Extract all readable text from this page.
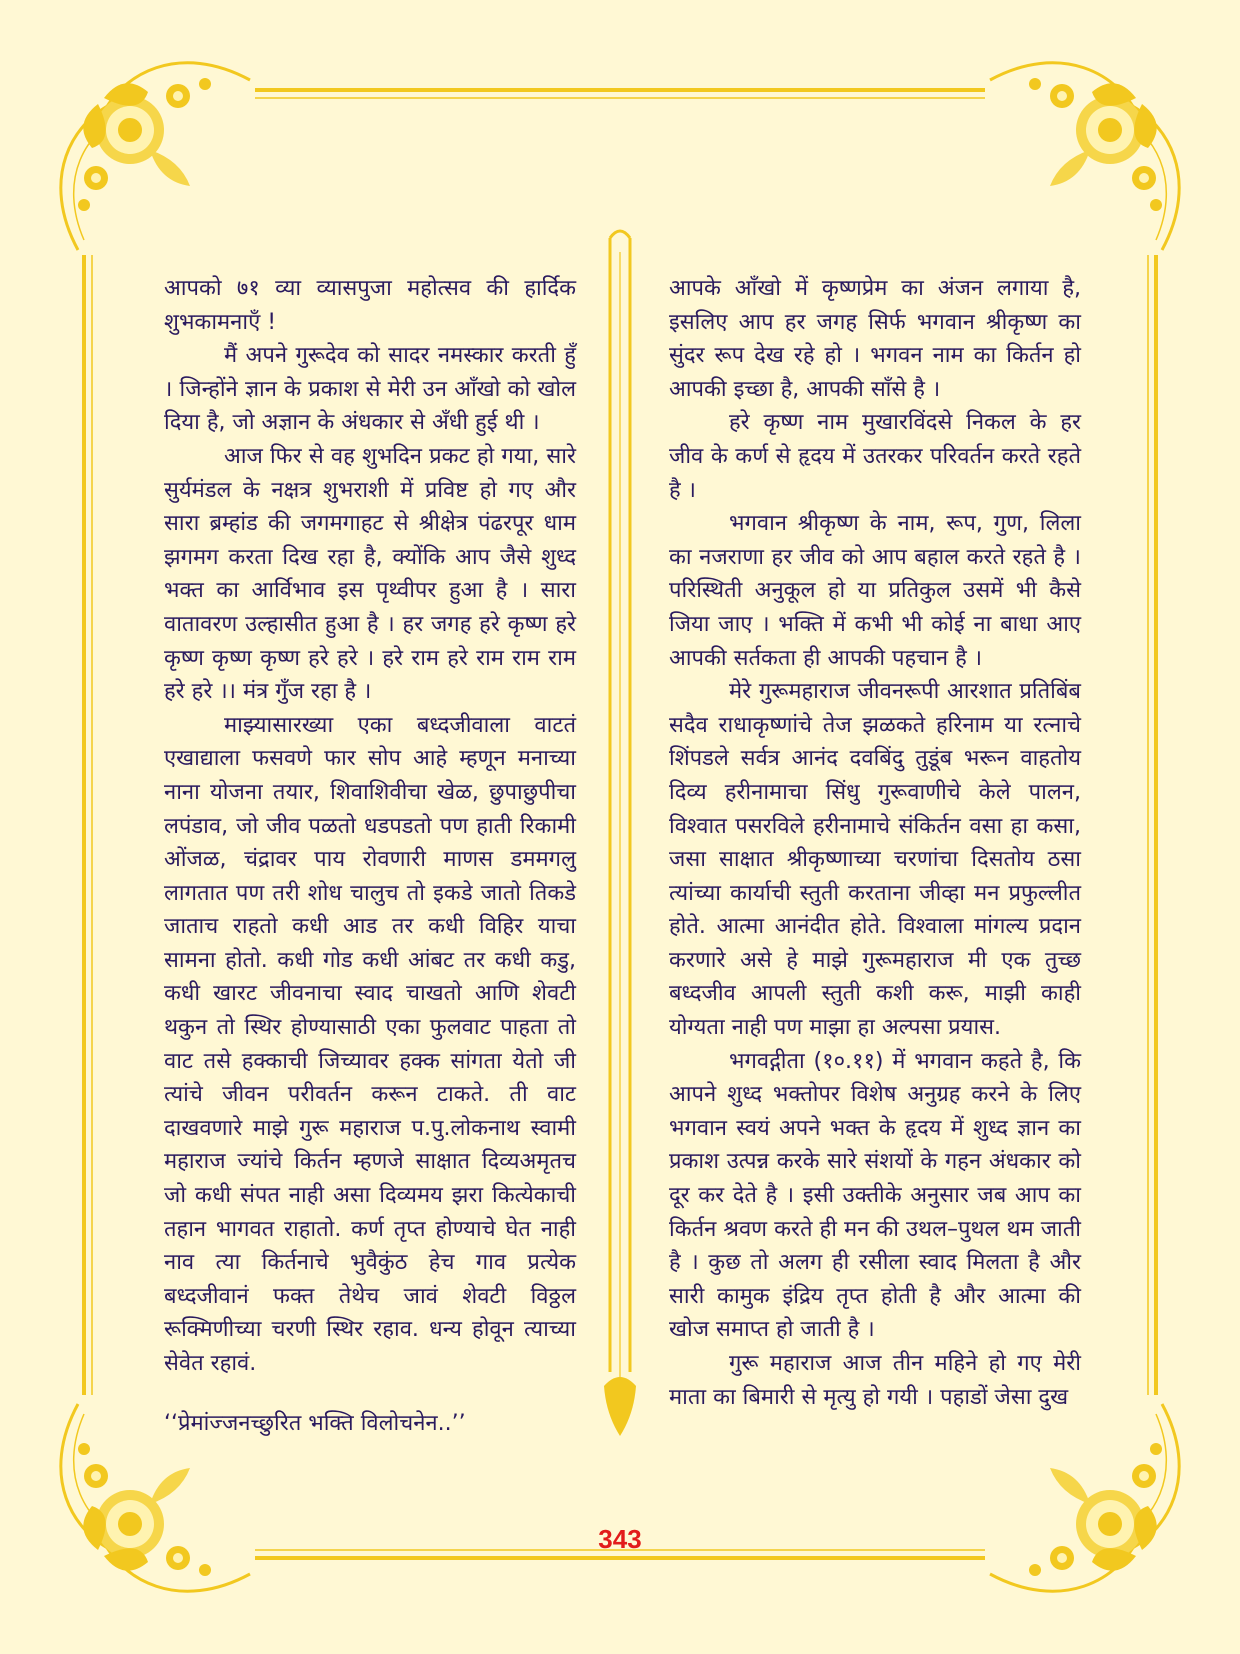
आपको ७१ व्या व्यासपुजा महोत्सव की हार्दिक शुभकामनाएँ !

मैं अपने गुरूदेव को सादर नमस्कार करती हुँ । जिन्होंने ज्ञान के प्रकाश से मेरी उन आँखो को खोल दिया है, जो अज्ञान के अंधकार से अँधी हुई थी ।

आज फिर से वह शुभदिन प्रकट हो गया, सारे सुर्यमंडल के नक्षत्र शुभराशी में प्रविष्ट हो गए और सारा ब्रम्हांड की जगमगाहट से श्रीक्षेत्र पंढरपूर धाम झगमग करता दिख रहा है, क्योंकि आप जैसे शुध्द भक्त का आर्विभाव इस पृथ्वीपर हुआ है । सारा वातावरण उल्हासीत हुआ है । हर जगह हरे कृष्ण हरे कृष्ण कृष्ण कृष्ण हरे हरे । हरे राम हरे राम राम राम हरे हरे ।। मंत्र गुँज रहा है ।

माझ्यासारख्या एका बध्दजीवाला वाटतं एखाद्याला फसवणे फार सोप आहे म्हणून मनाच्या नाना योजना तयार, शिवाशिवीचा खेळ, छुपाछुपीचा लपंडाव, जो जीव पळतो धडपडतो पण हाती रिकामी ओंजळ, चंद्रावर पाय रोवणारी माणस डममगलु लागतात पण तरी शोध चालुच तो इकडे जातो तिकडे जाताच राहतो कधी आड तर कधी विहिर याचा सामना होतो. कधी गोड कधी आंबट तर कधी कडु, कधी खारट जीवनाचा स्वाद चाखतो आणि शेवटी थकुन तो स्थिर होण्यासाठी एका फुलवाट पाहता तो वाट तसे हक्काची जिच्यावर हक्क सांगता येतो जी त्यांचे जीवन परीवर्तन करून टाकते. ती वाट दाखवणारे माझे गुरू महाराज प.पु.लोकनाथ स्वामी महाराज ज्यांचे किर्तन म्हणजे साक्षात दिव्यअमृतच जो कधी संपत नाही असा दिव्यमय झरा कित्येकाची तहान भागवत राहातो. कर्ण तृप्त होण्याचे घेत नाही नाव त्या किर्तनाचे भुवैकुंठ हेच गाव प्रत्येक बध्दजीवानं फक्त तेथेच जावं शेवटी विठ्ठल रूक्मिणीच्या चरणी स्थिर रहाव. धन्य होवून त्याच्या सेवेत रहावं.

‘‘प्रेमांज्जनच्छुरित भक्ति विलोचनेन..’’

आपके आँखो में कृष्णप्रेम का अंजन लगाया है, इसलिए आप हर जगह सिर्फ भगवान श्रीकृष्ण का सुंदर रूप देख रहे हो । भगवन नाम का किर्तन हो आपकी इच्छा है, आपकी साँसे है ।

हरे कृष्ण नाम मुखारविंदसे निकल के हर जीव के कर्ण से हृदय में उतरकर परिवर्तन करते रहते है ।

भगवान श्रीकृष्ण के नाम, रूप, गुण, लिला का नजराणा हर जीव को आप बहाल करते रहते है । परिस्थिती अनुकूल हो या प्रतिकुल उसमें भी कैसे जिया जाए । भक्ति में कभी भी कोई ना बाधा आए आपकी सर्तकता ही आपकी पहचान है ।

मेरे गुरूमहाराज जीवनरूपी आरशात प्रतिबिंब सदैव राधाकृष्णांचे तेज झळकते हरिनाम या रत्नाचे शिंपडले सर्वत्र आनंद दवबिंदु तुडूंब भरून वाहतोय दिव्य हरीनामाचा सिंधु गुरूवाणीचे केले पालन, विश्वात पसरविले हरीनामाचे संकिर्तन वसा हा कसा, जसा साक्षात श्रीकृष्णाच्या चरणांचा दिसतोय ठसा त्यांच्या कार्याची स्तुती करताना जीव्हा मन प्रफुल्लीत होते. आत्मा आनंदीत होते. विश्वाला मांगल्य प्रदान करणारे असे हे माझे गुरूमहाराज मी एक तुच्छ बध्दजीव आपली स्तुती कशी करू, माझी काही योग्यता नाही पण माझा हा अल्पसा प्रयास.

भगवद्गीता (१०.११) में भगवान कहते है, कि आपने शुध्द भक्तोपर विशेष अनुग्रह करने के लिए भगवान स्वयं अपने भक्त के हृदय में शुध्द ज्ञान का प्रकाश उत्पन्न करके सारे संशयों के गहन अंधकार को दूर कर देते है । इसी उक्तीके अनुसार जब आप का किर्तन श्रवण करते ही मन की उथल–पुथल थम जाती है । कुछ तो अलग ही रसीला स्वाद मिलता है और सारी कामुक इंद्रिय तृप्त होती है और आत्मा की खोज समाप्त हो जाती है ।

गुरू महाराज आज तीन महिने हो गए मेरी माता का बिमारी से मृत्यु हो गयी । पहाडों जेसा दुख

343
